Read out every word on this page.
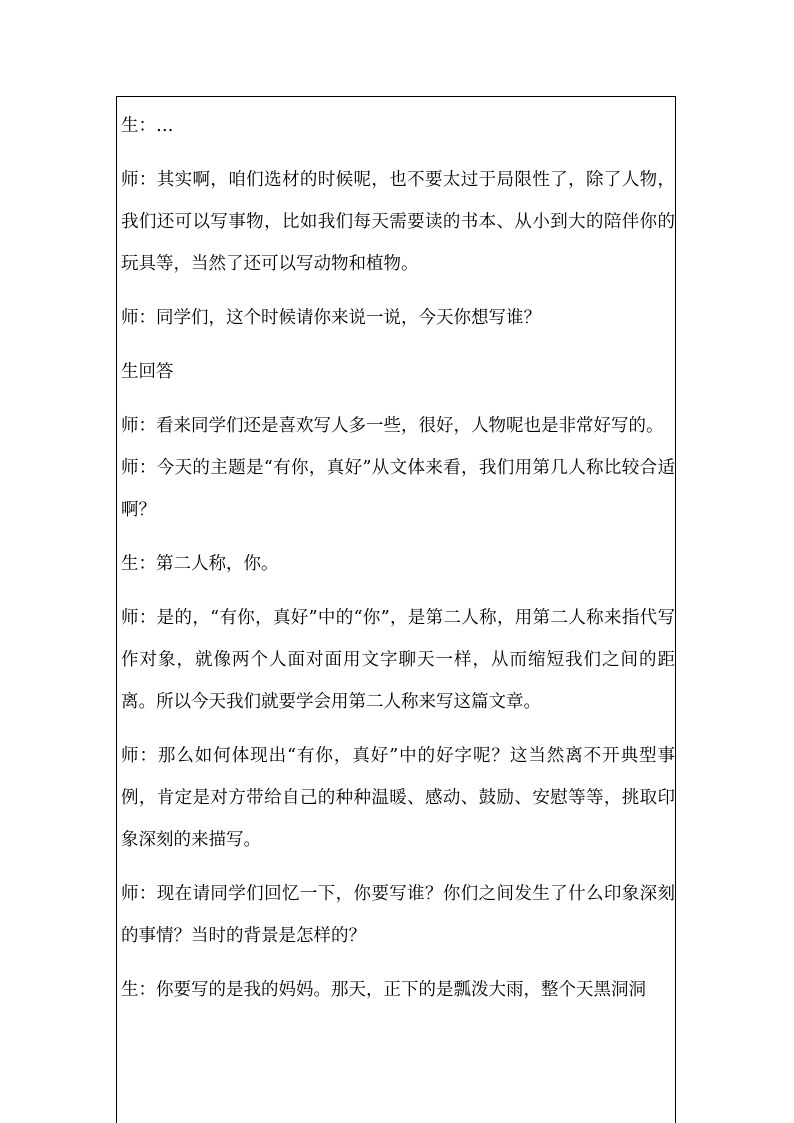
生：…

师：其实啊，咱们选材的时候呢，也不要太过于局限性了，除了人物，我们还可以写事物，比如我们每天需要读的书本、从小到大的陪伴你的玩具等，当然了还可以写动物和植物。

师：同学们，这个时候请你来说一说，今天你想写谁？

生回答

师：看来同学们还是喜欢写人多一些，很好，人物呢也是非常好写的。

师：今天的主题是“有你，真好”从文体来看，我们用第几人称比较合适啊？

生：第二人称，你。

师：是的，“有你，真好”中的“你”，是第二人称，用第二人称来指代写作对象，就像两个人面对面用文字聊天一样，从而缩短我们之间的距离。所以今天我们就要学会用第二人称来写这篇文章。

师：那么如何体现出“有你，真好”中的好字呢？这当然离不开典型事例，肯定是对方带给自己的种种温暖、感动、鼓励、安慰等等，挑取印象深刻的来描写。

师：现在请同学们回忆一下，你要写谁？你们之间发生了什么印象深刻的事情？当时的背景是怎样的？

生：你要写的是我的妈妈。那天，正下的是瓢泼大雨，整个天黑洞洞
